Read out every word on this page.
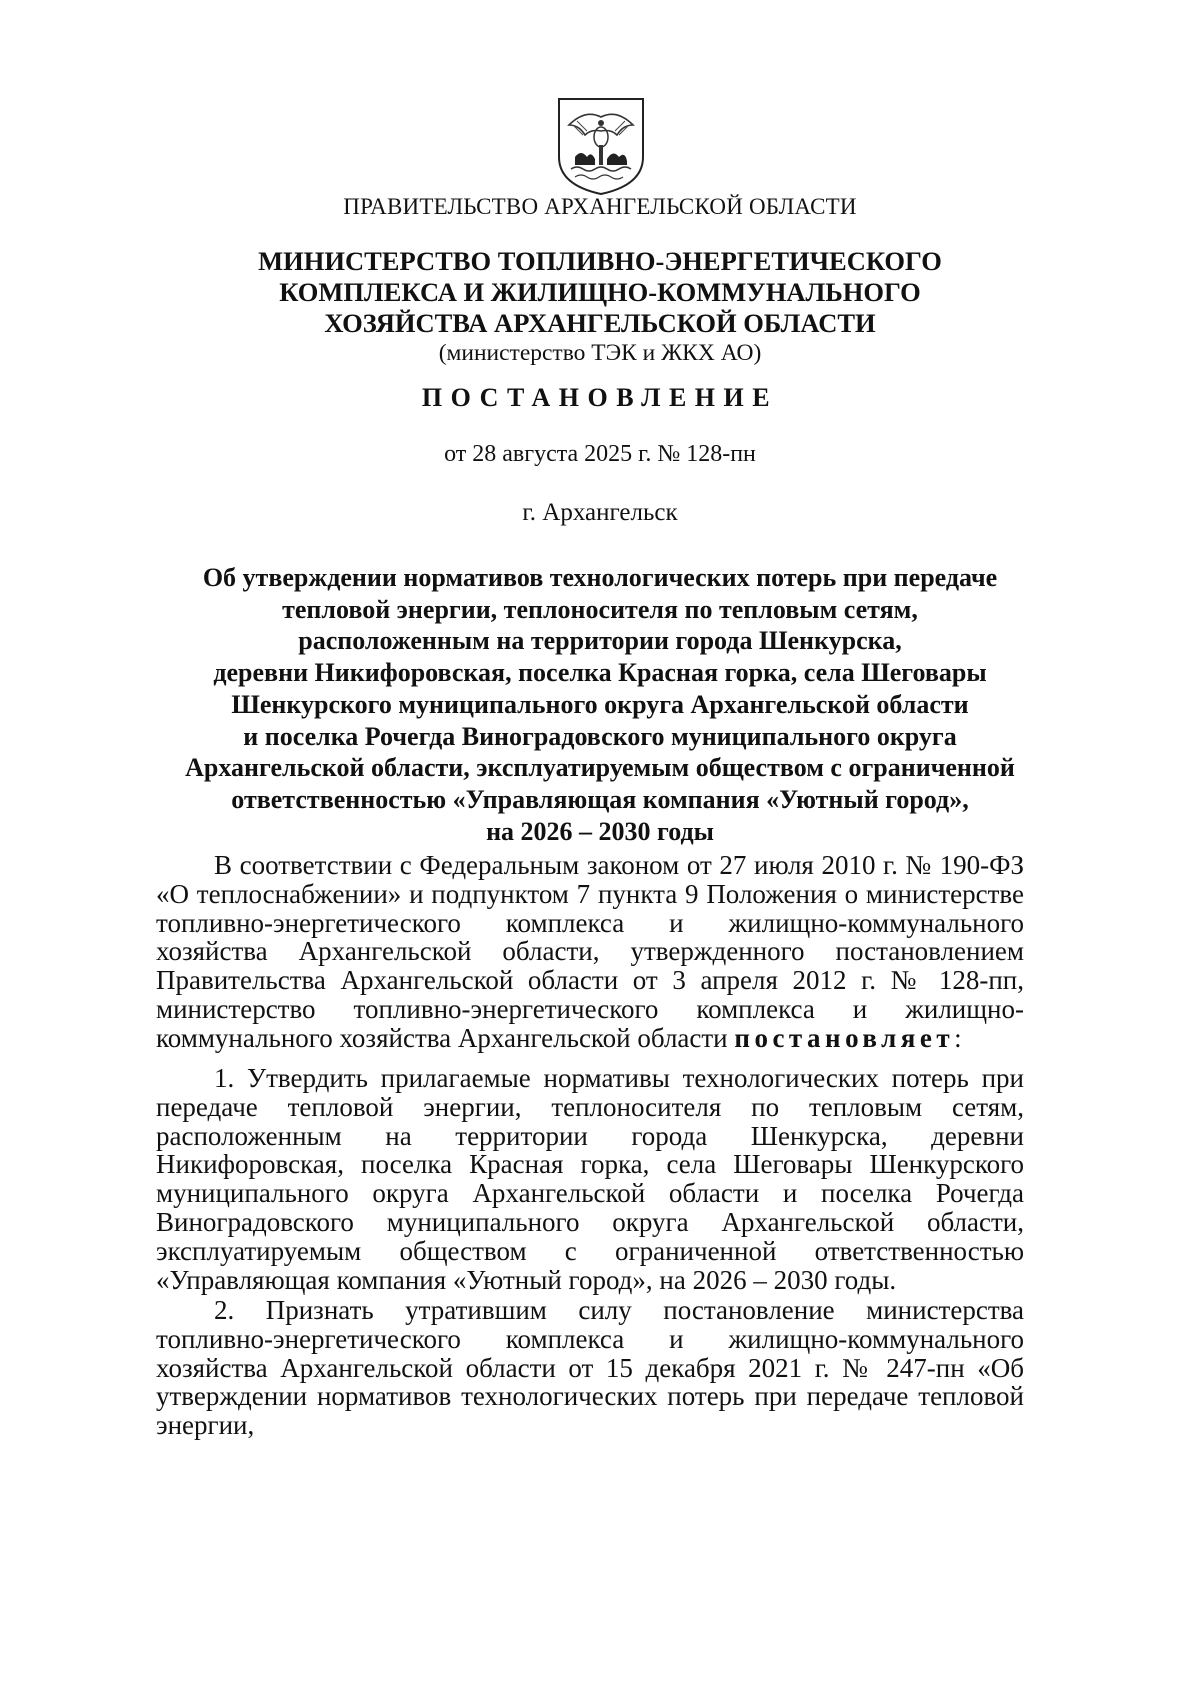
ПРАВИТЕЛЬСТВО АРХАНГЕЛЬСКОЙ ОБЛАСТИ
МИНИСТЕРСТВО ТОПЛИВНО-ЭНЕРГЕТИЧЕСКОГО
КОМПЛЕКСА И ЖИЛИЩНО-КОММУНАЛЬНОГО
ХОЗЯЙСТВА АРХАНГЕЛЬСКОЙ ОБЛАСТИ
(министерство ТЭК и ЖКХ АО)
ПОСТАНОВЛЕНИЕ
от 28 августа 2025 г. № 128-пн
г. Архангельск
Об утверждении нормативов технологических потерь при передаче
тепловой энергии, теплоносителя по тепловым сетям,
расположенным на территории города Шенкурска,
деревни Никифоровская, поселка Красная горка, села Шеговары
Шенкурского муниципального округа Архангельской области
и поселка Рочегда Виноградовского муниципального округа
Архангельской области, эксплуатируемым обществом с ограниченной
ответственностью «Управляющая компания «Уютный город»,
на 2026 – 2030 годы

В соответствии с Федеральным законом от 27 июля 2010 г. № 190-ФЗ «О теплоснабжении» и подпунктом 7 пункта 9 Положения о министерстве топливно-энергетического комплекса и жилищно-коммунального хозяйства Архангельской области, утвержденного постановлением Правительства Архангельской области от 3 апреля 2012 г. № 128-пп, министерство топливно-энергетического комплекса и жилищно-коммунального хозяйства Архангельской области постановляет:

1. Утвердить прилагаемые нормативы технологических потерь при передаче тепловой энергии, теплоносителя по тепловым сетям, расположенным на территории города Шенкурска, деревни Никифоровская, поселка Красная горка, села Шеговары Шенкурского муниципального округа Архангельской области и поселка Рочегда Виноградовского муниципального округа Архангельской области, эксплуатируемым обществом с ограниченной ответственностью «Управляющая компания «Уютный город», на 2026 – 2030 годы.

2. Признать утратившим силу постановление министерства топливно-энергетического комплекса и жилищно-коммунального хозяйства Архангельской области от 15 декабря 2021 г. № 247-пн «Об утверждении нормативов технологических потерь при передаче тепловой энергии,
